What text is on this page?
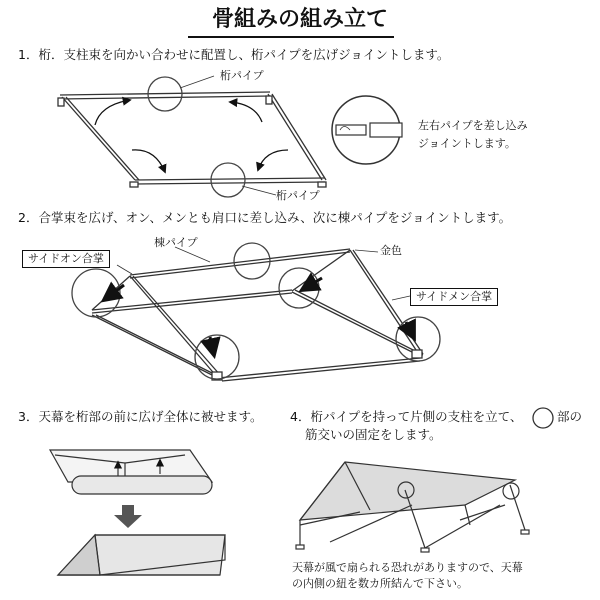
骨組みの組み立て
1．桁．支柱束を向かい合わせに配置し、桁パイプを広げジョイントします。
2．合掌束を広げ、オン、メンとも肩口に差し込み、次に棟パイプをジョイントします。
3．天幕を桁部の前に広げ全体に被せます。 4．桁パイプを持って片側の支柱を立て、	部の
筋交いの固定をします。
桁パイプ
桁パイプ
左右パイプを差し込み
ジョイントします。
棟パイプ
金色
サイドオン合掌
サイドメン合掌
天幕が風で扇られる恐れがありますので、天幕
の内側の紐を数カ所結んで下さい。
